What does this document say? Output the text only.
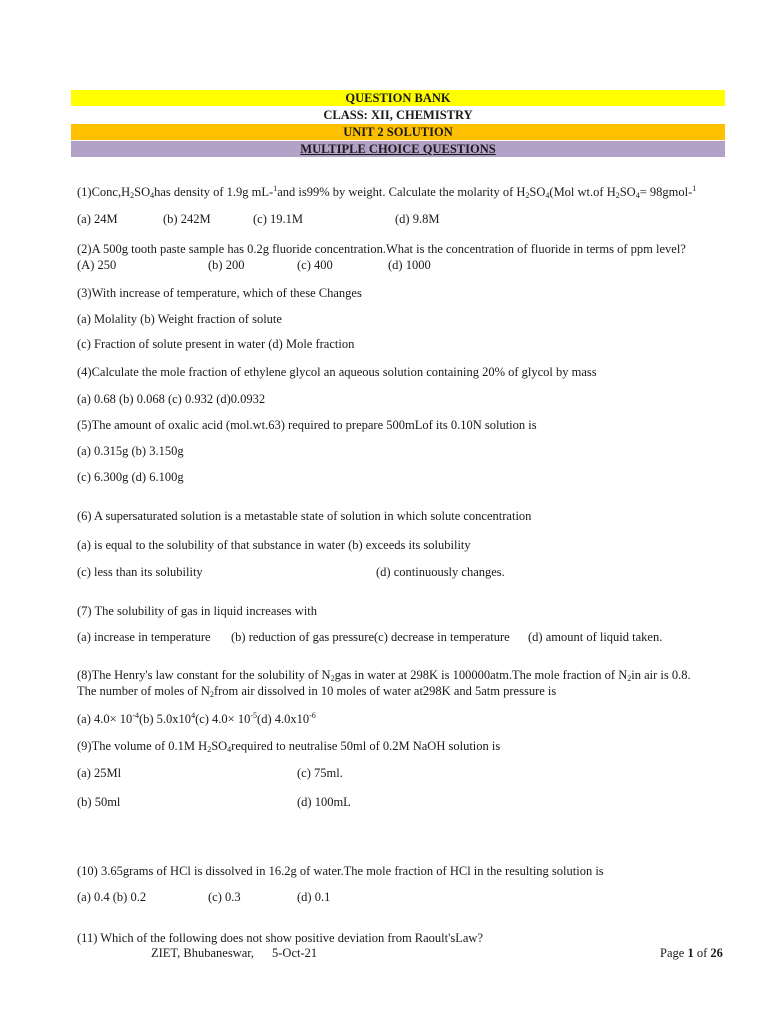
QUESTION BANK
CLASS: XII, CHEMISTRY
UNIT 2 SOLUTION
MULTIPLE CHOICE QUESTIONS
$(1)Conc,H_2SO_4has$ density of 1.9g mL-$^1$and is99% by weight. Calculate the molarity of $H_2SO_4(Mol$ wt.of $H_2SO_4=$ 98gmol-$^1$
(a) 24M	(b) 242M	(c) 19.1M	(d) 9.8M
(2)A 500g tooth paste sample has 0.2g fluoride concentration.What is the concentration of fluoride in terms of ppm level?
(A) 250	(b) 200	(c) 400	(d) 1000
(3)With increase of temperature, which of these Changes
(a) Molality (b) Weight fraction of solute
(c) Fraction of solute present in water (d) Mole fraction
(4)Calculate the mole fraction of ethylene glycol an aqueous solution containing 20% of glycol by mass
(a) 0.68 (b) 0.068 (c) 0.932 (d)0.0932
(5)The amount of oxalic acid (mol.wt.63) required to prepare 500mLof its 0.10N solution is
(a) 0.315g (b) 3.150g
(c) 6.300g (d) 6.100g
(6) A supersaturated solution is a metastable state of solution in which solute concentration
(a) is equal to the solubility of that substance in water (b) exceeds its solubility
(c) less than its solubility	(d) continuously changes.
(7) The solubility of gas in liquid increases with
(a) increase in temperature (b) reduction of gas pressure(c) decrease in temperature (d) amount of liquid taken.
(8)The Henry's law constant for the solubility of $N_2gas$ in water at 298K is 100000atm.The mole fraction of $N_2in$ air is 0.8.
The number of moles of $N_2from$ air dissolved in 10 moles of water at298K and 5atm pressure is
(a) $4.0\times 10^{-4}(b)$ $5.0x10^4(c)$ $4.0\times 10^{-5}(d)$ $4.0x10^{-6}$
(9)The volume of 0.1M $H_2SO_4required$ to neutralise 50ml of 0.2M NaOH solution is
(a) 25Ml	(c) 75ml.
(b) 50ml	(d) 100mL
(10) 3.65grams of HCl is dissolved in 16.2g of water.The mole fraction of HCl in the resulting solution is
(a) 0.4 (b) 0.2	(c) 0.3	(d) 0.1
(11) Which of the following does not show positive deviation from Raoult'sLaw?
ZIET, Bhubaneswar, 5-Oct-21	Page 1 of 26
